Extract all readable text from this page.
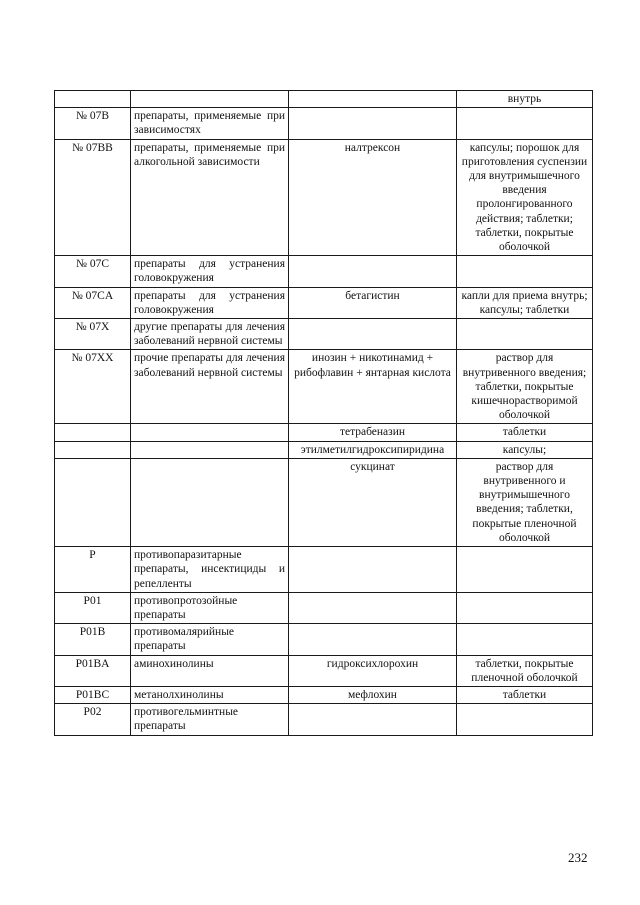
			внутрь
№ 07B	препараты, применяемые при зависимостях		
№ 07BB	препараты, применяемые при алкогольной зависимости	налтрексон	капсулы; порошок для приготовления суспензии для внутримышечного введения пролонгированного действия; таблетки; таблетки, покрытые оболочкой
№ 07C	препараты для устранения головокружения		
№ 07CA	препараты для устранения головокружения	бетагистин	капли для приема внутрь; капсулы; таблетки
№ 07X	другие препараты для лечения заболеваний нервной системы		
№ 07XX	прочие препараты для лечения заболеваний нервной системы	инозин + никотинамид + рибофлавин + янтарная кислота	раствор для внутривенного введения; таблетки, покрытые кишечнорастворимой оболочкой
		тетрабеназин	таблетки
		этилметилгидроксипиридина	капсулы;
		сукцинат	раствор для внутривенного и внутримышечного введения; таблетки, покрытые пленочной оболочкой
P	противопаразитарные препараты, инсектициды и репелленты		
P01	противопротозойные препараты		
P01B	противомалярийные препараты		
P01BA	аминохинолины	гидроксихлорохин	таблетки, покрытые пленочной оболочкой
P01BC	метанолхинолины	мефлохин	таблетки
P02	противогельминтные препараты		
232
